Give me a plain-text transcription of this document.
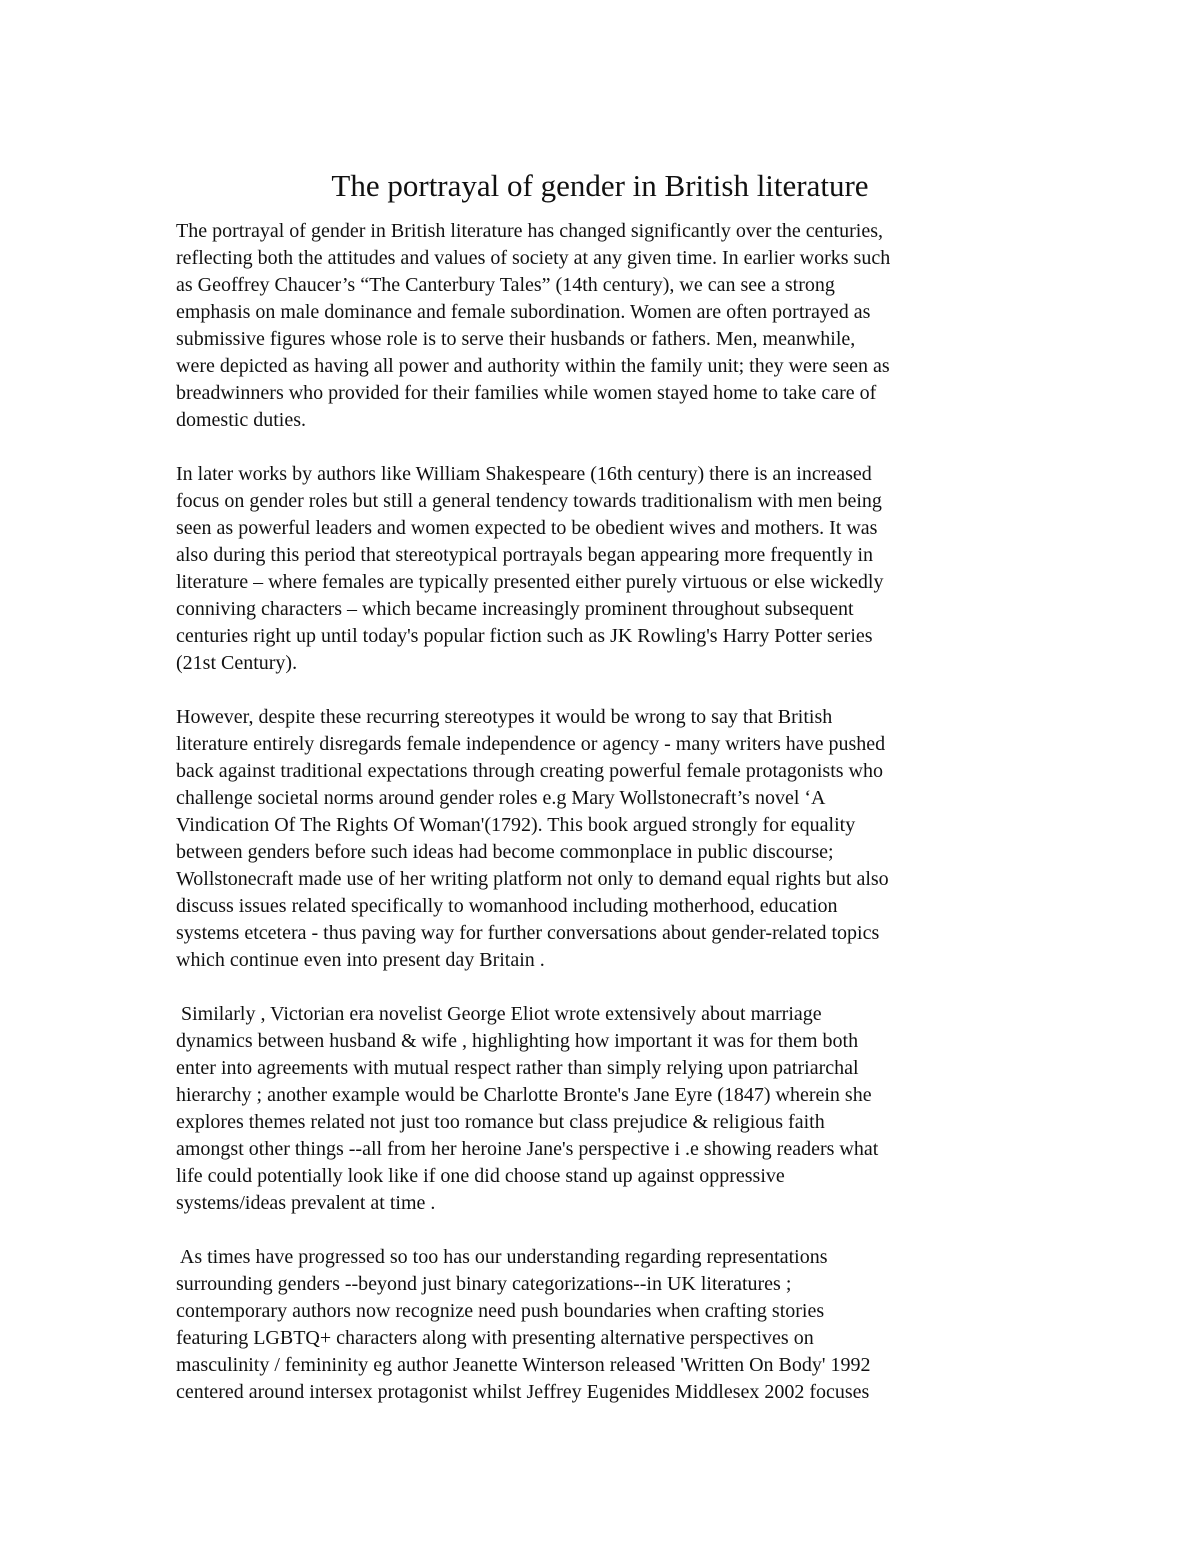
The portrayal of gender in British literature
The portrayal of gender in British literature has changed significantly over the centuries,
reflecting both the attitudes and values of society at any given time. In earlier works such
as Geoffrey Chaucer’s “The Canterbury Tales” (14th century), we can see a strong
emphasis on male dominance and female subordination. Women are often portrayed as
submissive figures whose role is to serve their husbands or fathers. Men, meanwhile,
were depicted as having all power and authority within the family unit; they were seen as
breadwinners who provided for their families while women stayed home to take care of
domestic duties.
In later works by authors like William Shakespeare (16th century) there is an increased
focus on gender roles but still a general tendency towards traditionalism with men being
seen as powerful leaders and women expected to be obedient wives and mothers. It was
also during this period that stereotypical portrayals began appearing more frequently in
literature – where females are typically presented either purely virtuous or else wickedly
conniving characters – which became increasingly prominent throughout subsequent
centuries right up until today's popular fiction such as JK Rowling's Harry Potter series
(21st Century).
However, despite these recurring stereotypes it would be wrong to say that British
literature entirely disregards female independence or agency - many writers have pushed
back against traditional expectations through creating powerful female protagonists who
challenge societal norms around gender roles e.g Mary Wollstonecraft’s novel ‘A
Vindication Of The Rights Of Woman'(1792). This book argued strongly for equality
between genders before such ideas had become commonplace in public discourse;
Wollstonecraft made use of her writing platform not only to demand equal rights but also
discuss issues related specifically to womanhood including motherhood, education
systems etcetera - thus paving way for further conversations about gender-related topics
which continue even into present day Britain .
Similarly , Victorian era novelist George Eliot wrote extensively about marriage
dynamics between husband & wife , highlighting how important it was for them both
enter into agreements with mutual respect rather than simply relying upon patriarchal
hierarchy ; another example would be Charlotte Bronte's Jane Eyre (1847) wherein she
explores themes related not just too romance but class prejudice & religious faith
amongst other things --all from her heroine Jane's perspective i .e showing readers what
life could potentially look like if one did choose stand up against oppressive
systems/ideas prevalent at time .
As times have progressed so too has our understanding regarding representations
surrounding genders --beyond just binary categorizations--in UK literatures ;
contemporary authors now recognize need push boundaries when crafting stories
featuring LGBTQ+ characters along with presenting alternative perspectives on
masculinity / femininity eg author Jeanette Winterson released 'Written On Body' 1992
centered around intersex protagonist whilst Jeffrey Eugenides Middlesex 2002 focuses
